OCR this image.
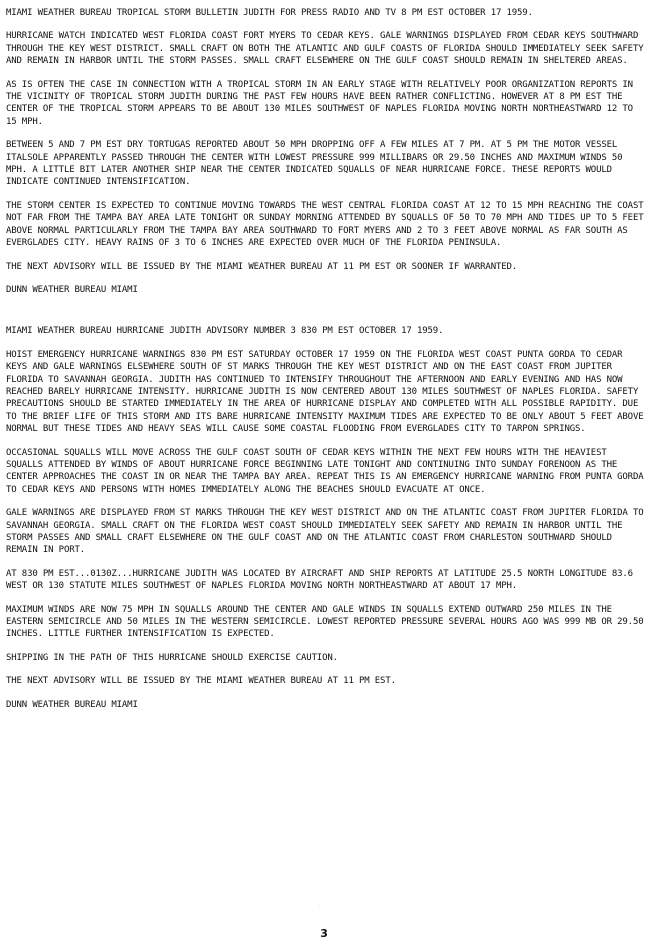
MIAMI WEATHER BUREAU TROPICAL STORM BULLETIN JUDITH FOR PRESS RADIO AND TV 8 PM EST OCTOBER 17 1959.

HURRICANE WATCH INDICATED WEST FLORIDA COAST FORT MYERS TO CEDAR KEYS. GALE WARNINGS DISPLAYED FROM CEDAR KEYS SOUTHWARD THROUGH THE KEY WEST DISTRICT. SMALL CRAFT ON BOTH THE ATLANTIC AND GULF COASTS OF FLORIDA SHOULD IMMEDIATELY SEEK SAFETY AND REMAIN IN HARBOR UNTIL THE STORM PASSES. SMALL CRAFT ELSEWHERE ON THE GULF COAST SHOULD REMAIN IN SHELTERED AREAS.

AS IS OFTEN THE CASE IN CONNECTION WITH A TROPICAL STORM IN AN EARLY STAGE WITH RELATIVELY POOR ORGANIZATION REPORTS IN THE VICINITY OF TROPICAL STORM JUDITH DURING THE PAST FEW HOURS HAVE BEEN RATHER CONFLICTING. HOWEVER AT 8 PM EST THE CENTER OF THE TROPICAL STORM APPEARS TO BE ABOUT 130 MILES SOUTHWEST OF NAPLES FLORIDA MOVING NORTH NORTHEASTWARD 12 TO 15 MPH.

BETWEEN 5 AND 7 PM EST DRY TORTUGAS REPORTED ABOUT 50 MPH DROPPING OFF A FEW MILES AT 7 PM. AT 5 PM THE MOTOR VESSEL ITALSOLE APPARENTLY PASSED THROUGH THE CENTER WITH LOWEST PRESSURE 999 MILLIBARS OR 29.50 INCHES AND MAXIMUM WINDS 50 MPH. A LITTLE BIT LATER ANOTHER SHIP NEAR THE CENTER INDICATED SQUALLS OF NEAR HURRICANE FORCE. THESE REPORTS WOULD INDICATE CONTINUED INTENSIFICATION.

THE STORM CENTER IS EXPECTED TO CONTINUE MOVING TOWARDS THE WEST CENTRAL FLORIDA COAST AT 12 TO 15 MPH REACHING THE COAST NOT FAR FROM THE TAMPA BAY AREA LATE TONIGHT OR SUNDAY MORNING ATTENDED BY SQUALLS OF 50 TO 70 MPH AND TIDES UP TO 5 FEET ABOVE NORMAL PARTICULARLY FROM THE TAMPA BAY AREA SOUTHWARD TO FORT MYERS AND 2 TO 3 FEET ABOVE NORMAL AS FAR SOUTH AS EVERGLADES CITY. HEAVY RAINS OF 3 TO 6 INCHES ARE EXPECTED OVER MUCH OF THE FLORIDA PENINSULA.

THE NEXT ADVISORY WILL BE ISSUED BY THE MIAMI WEATHER BUREAU AT 11 PM EST OR SOONER IF WARRANTED.

DUNN WEATHER BUREAU MIAMI

MIAMI WEATHER BUREAU HURRICANE JUDITH ADVISORY NUMBER 3 830 PM EST OCTOBER 17 1959.

HOIST EMERGENCY HURRICANE WARNINGS 830 PM EST SATURDAY OCTOBER 17 1959 ON THE FLORIDA WEST COAST PUNTA GORDA TO CEDAR KEYS AND GALE WARNINGS ELSEWHERE SOUTH OF ST MARKS THROUGH THE KEY WEST DISTRICT AND ON THE EAST COAST FROM JUPITER FLORIDA TO SAVANNAH GEORGIA. JUDITH HAS CONTINUED TO INTENSIFY THROUGHOUT THE AFTERNOON AND EARLY EVENING AND HAS NOW REACHED BARELY HURRICANE INTENSITY. HURRICANE JUDITH IS NOW CENTERED ABOUT 130 MILES SOUTHWEST OF NAPLES FLORIDA. SAFETY PRECAUTIONS SHOULD BE STARTED IMMEDIATELY IN THE AREA OF HURRICANE DISPLAY AND COMPLETED WITH ALL POSSIBLE RAPIDITY. DUE TO THE BRIEF LIFE OF THIS STORM AND ITS BARE HURRICANE INTENSITY MAXIMUM TIDES ARE EXPECTED TO BE ONLY ABOUT 5 FEET ABOVE NORMAL BUT THESE TIDES AND HEAVY SEAS WILL CAUSE SOME COASTAL FLOODING FROM EVERGLADES CITY TO TARPON SPRINGS.

OCCASIONAL SQUALLS WILL MOVE ACROSS THE GULF COAST SOUTH OF CEDAR KEYS WITHIN THE NEXT FEW HOURS WITH THE HEAVIEST SQUALLS ATTENDED BY WINDS OF ABOUT HURRICANE FORCE BEGINNING LATE TONIGHT AND CONTINUING INTO SUNDAY FORENOON AS THE CENTER APPROACHES THE COAST IN OR NEAR THE TAMPA BAY AREA. REPEAT THIS IS AN EMERGENCY HURRICANE WARNING FROM PUNTA GORDA TO CEDAR KEYS AND PERSONS WITH HOMES IMMEDIATELY ALONG THE BEACHES SHOULD EVACUATE AT ONCE.

GALE WARNINGS ARE DISPLAYED FROM ST MARKS THROUGH THE KEY WEST DISTRICT AND ON THE ATLANTIC COAST FROM JUPITER FLORIDA TO SAVANNAH GEORGIA. SMALL CRAFT ON THE FLORIDA WEST COAST SHOULD IMMEDIATELY SEEK SAFETY AND REMAIN IN HARBOR UNTIL THE STORM PASSES AND SMALL CRAFT ELSEWHERE ON THE GULF COAST AND ON THE ATLANTIC COAST FROM CHARLESTON SOUTHWARD SHOULD REMAIN IN PORT.

AT 830 PM EST...0130Z...HURRICANE JUDITH WAS LOCATED BY AIRCRAFT AND SHIP REPORTS AT LATITUDE 25.5 NORTH LONGITUDE 83.6 WEST OR 130 STATUTE MILES SOUTHWEST OF NAPLES FLORIDA MOVING NORTH NORTHEASTWARD AT ABOUT 17 MPH.

MAXIMUM WINDS ARE NOW 75 MPH IN SQUALLS AROUND THE CENTER AND GALE WINDS IN SQUALLS EXTEND OUTWARD 250 MILES IN THE EASTERN SEMICIRCLE AND 50 MILES IN THE WESTERN SEMICIRCLE. LOWEST REPORTED PRESSURE SEVERAL HOURS AGO WAS 999 MB OR 29.50 INCHES. LITTLE FURTHER INTENSIFICATION IS EXPECTED.

SHIPPING IN THE PATH OF THIS HURRICANE SHOULD EXERCISE CAUTION.

THE NEXT ADVISORY WILL BE ISSUED BY THE MIAMI WEATHER BUREAU AT 11 PM EST.

DUNN WEATHER BUREAU MIAMI

·
3
